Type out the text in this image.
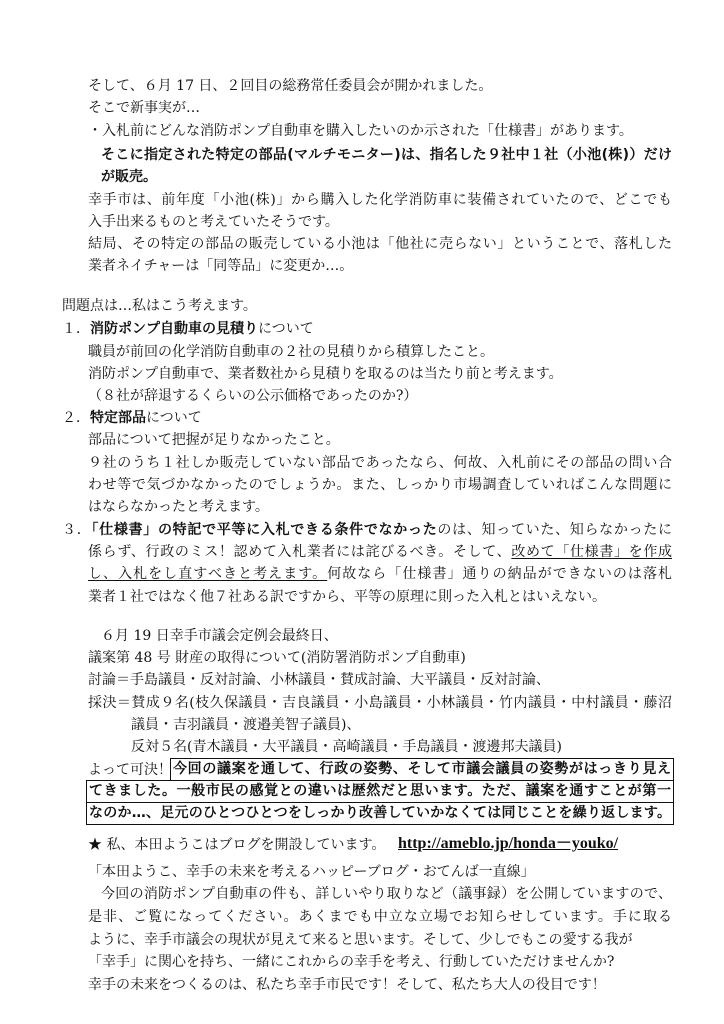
そして、６月 17 日、２回目の総務常任委員会が開かれました。
そこで新事実が…
・入札前にどんな消防ポンプ自動車を購入したいのか示された「仕様書」があります。
そこに指定された特定の部品(マルチモニター)は、指名した９社中１社（小池(株)）だけ
が販売。
幸手市は、前年度「小池(株)」から購入した化学消防車に装備されていたので、どこでも
入手出来るものと考えていたそうです。
結局、その特定の部品の販売している小池は「他社に売らない」ということで、落札した
業者ネイチャーは「同等品」に変更か…。
問題点は…私はこう考えます。
１．消防ポンプ自動車の見積りについて
職員が前回の化学消防自動車の２社の見積りから積算したこと。
消防ポンプ自動車で、業者数社から見積りを取るのは当たり前と考えます。
（８社が辞退するくらいの公示価格であったのか?）
２．特定部品について
部品について把握が足りなかったこと。
９社のうち１社しか販売していない部品であったなら、何故、入札前にその部品の問い合
わせ等で気づかなかったのでしょうか。また、しっかり市場調査していればこんな問題に
はならなかったと考えます。
３．「仕様書」の特記で平等に入札できる条件でなかったのは、知っていた、知らなかったに
係らず、行政のミス！認めて入札業者には詫びるべき。そして、改めて「仕様書」を作成
し、入札をし直すべきと考えます。何故なら「仕様書」通りの納品ができないのは落札
業者１社ではなく他７社ある訳ですから、平等の原理に則った入札とはいえない。
６月 19 日幸手市議会定例会最終日、
議案第 48 号 財産の取得について(消防署消防ポンプ自動車)
討論＝手島議員・反対討論、小林議員・賛成討論、大平議員・反対討論、
採決＝賛成９名(枝久保議員・吉良議員・小島議員・小林議員・竹内議員・中村議員・藤沼
議員・吉羽議員・渡邉美智子議員)、
反対５名(青木議員・大平議員・高崎議員・手島議員・渡邊邦夫議員)
よって可決！ 今回の議案を通して、行政の姿勢、そして市議会議員の姿勢がはっきり見え
てきました。一般市民の感覚との違いは歴然だと思います。ただ、議案を通すことが第一
なのか…、足元のひとつひとつをしっかり改善していかなくては同じことを繰り返します。
★ 私、本田ようこはブログを開設しています。 http://ameblo.jp/honda－youko/
「本田ようこ、幸手の未来を考えるハッピーブログ・おてんば一直線」
今回の消防ポンプ自動車の件も、詳しいやり取りなど（議事録）を公開していますので、
是非、ご覧になってください。あくまでも中立な立場でお知らせしています。手に取る
ように、幸手市議会の現状が見えて来ると思います。そして、少しでもこの愛する我が
「幸手」に関心を持ち、一緒にこれからの幸手を考え、行動していただけませんか?
幸手の未来をつくるのは、私たち幸手市民です！そして、私たち大人の役目です！
